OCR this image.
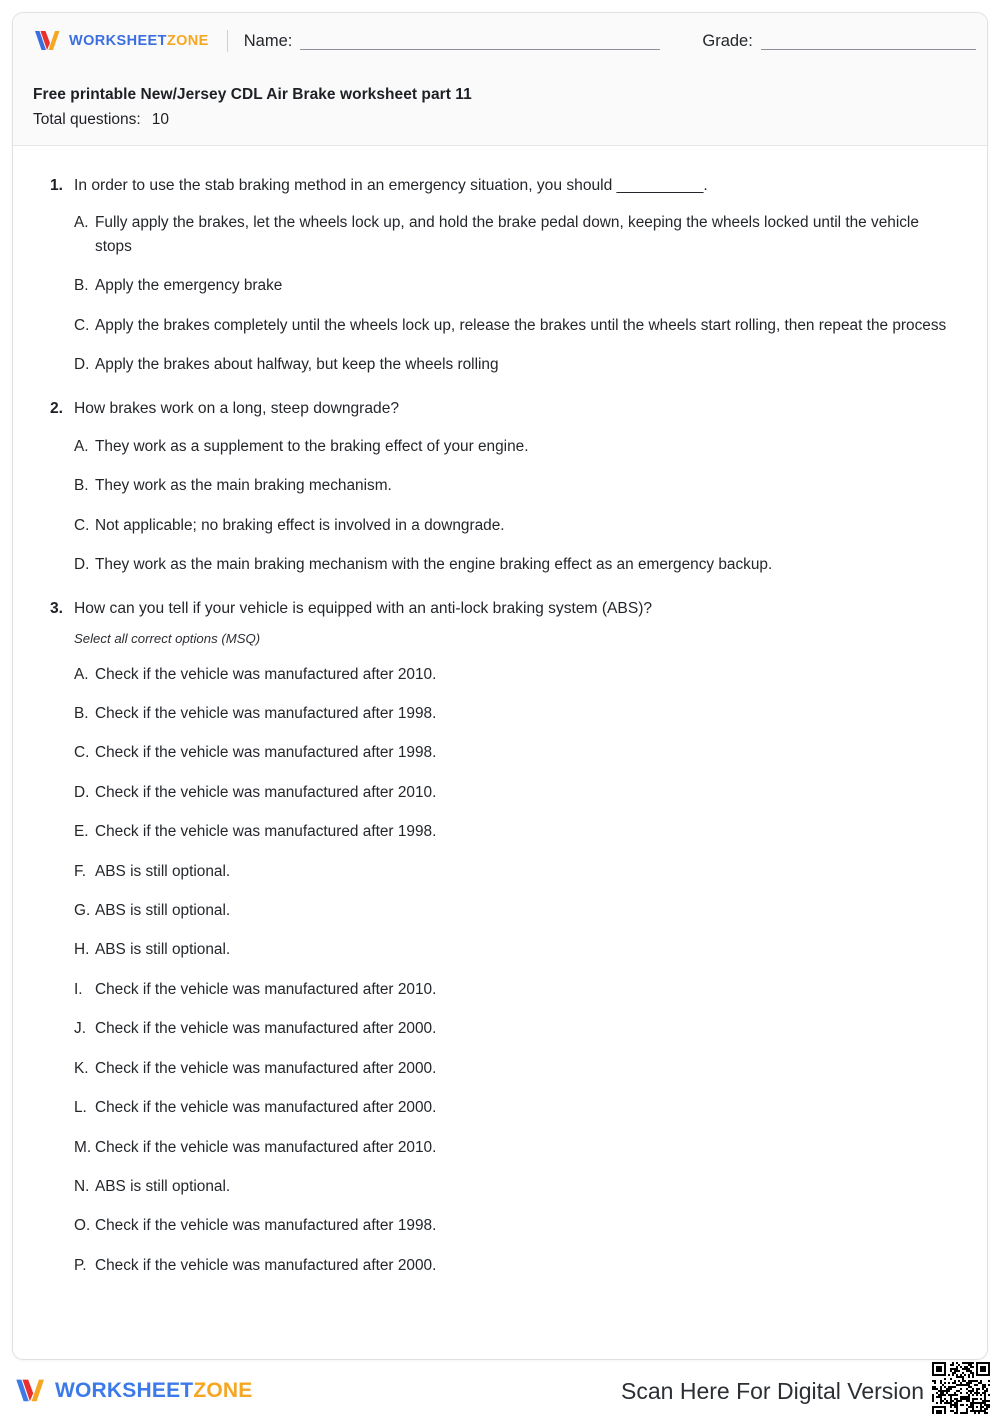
WORKSHEET ZONE Name:	Grade:
Free printable New/Jersey CDL Air Brake worksheet part 11
Total questions: 10
1. In order to use the stab braking method in an emergency situation, you should __________.
A. Fully apply the brakes, let the wheels lock up, and hold the brake pedal down, keeping the wheels locked until the vehicle stops
B. Apply the emergency brake
C. Apply the brakes completely until the wheels lock up, release the brakes until the wheels start rolling, then repeat the process
D. Apply the brakes about halfway, but keep the wheels rolling
2. How brakes work on a long, steep downgrade?
A. They work as a supplement to the braking effect of your engine.
B. They work as the main braking mechanism.
C. Not applicable; no braking effect is involved in a downgrade.
D. They work as the main braking mechanism with the engine braking effect as an emergency backup.
3. How can you tell if your vehicle is equipped with an anti-lock braking system (ABS)?
Select all correct options (MSQ)
A. Check if the vehicle was manufactured after 2010.
B. Check if the vehicle was manufactured after 1998.
C. Check if the vehicle was manufactured after 1998.
D. Check if the vehicle was manufactured after 2010.
E. Check if the vehicle was manufactured after 1998.
F. ABS is still optional.
G. ABS is still optional.
H. ABS is still optional.
I. Check if the vehicle was manufactured after 2010.
J. Check if the vehicle was manufactured after 2000.
K. Check if the vehicle was manufactured after 2000.
L. Check if the vehicle was manufactured after 2000.
M. Check if the vehicle was manufactured after 2010.
N. ABS is still optional.
O. Check if the vehicle was manufactured after 1998.
P. Check if the vehicle was manufactured after 2000.
WORKSHEETZONE	Scan Here For Digital Version
